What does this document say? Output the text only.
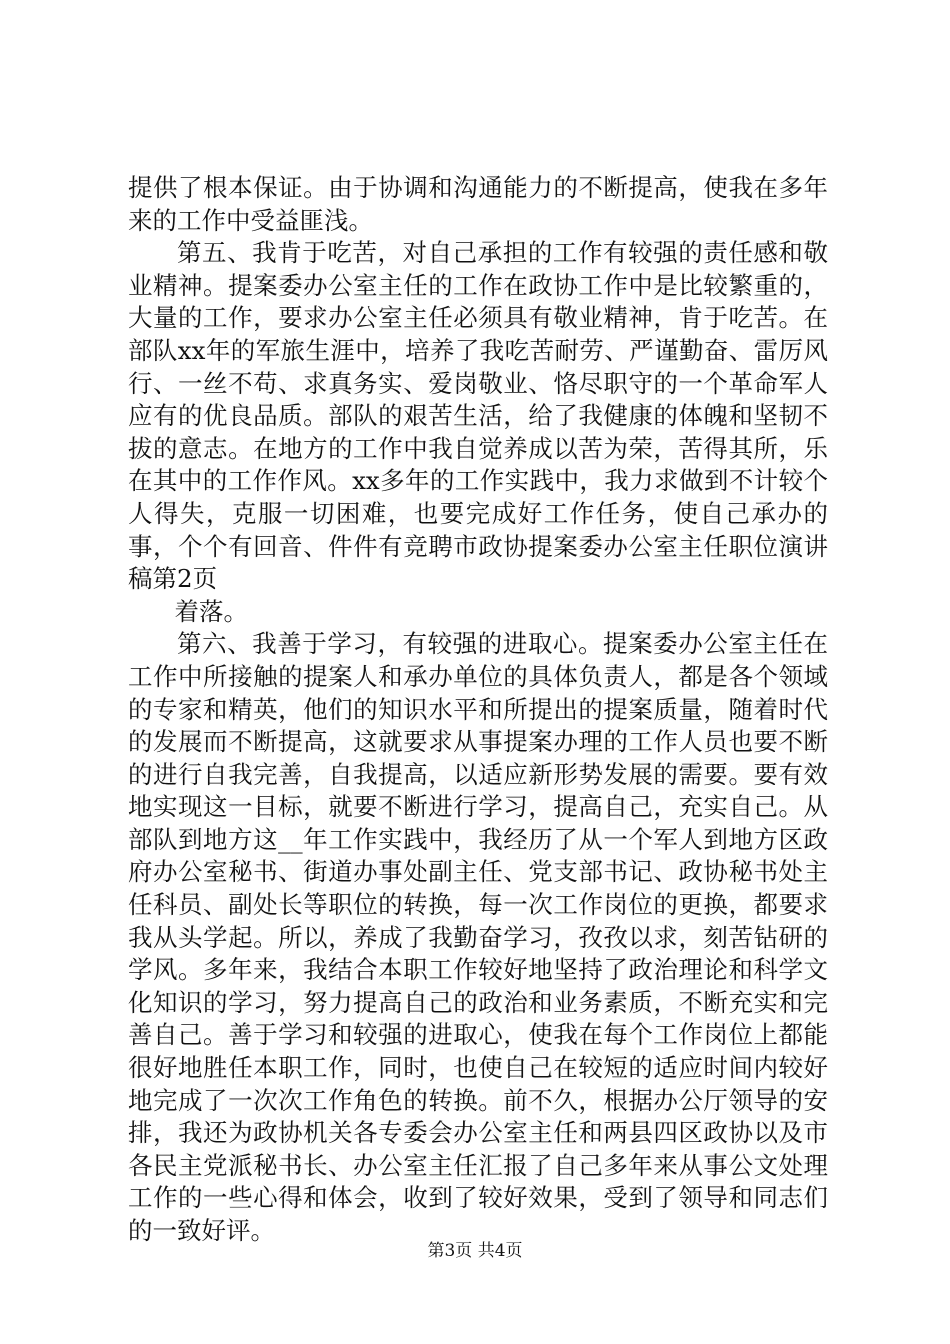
提供了根本保证。由于协调和沟通能力的不断提高，使我在多年来的工作中受益匪浅。

第五、我肯于吃苦，对自己承担的工作有较强的责任感和敬业精神。提案委办公室主任的工作在政协工作中是比较繁重的，大量的工作，要求办公室主任必须具有敬业精神，肯于吃苦。在部队xx年的军旅生涯中，培养了我吃苦耐劳、严谨勤奋、雷厉风行、一丝不苟、求真务实、爱岗敬业、恪尽职守的一个革命军人应有的优良品质。部队的艰苦生活，给了我健康的体魄和坚韧不拔的意志。在地方的工作中我自觉养成以苦为荣，苦得其所，乐在其中的工作作风。xx多年的工作实践中，我力求做到不计较个人得失，克服一切困难，也要完成好工作任务，使自己承办的事，个个有回音、件件有竞聘市政协提案委办公室主任职位演讲稿第2页

着落。

第六、我善于学习，有较强的进取心。提案委办公室主任在工作中所接触的提案人和承办单位的具体负责人，都是各个领域的专家和精英，他们的知识水平和所提出的提案质量，随着时代的发展而不断提高，这就要求从事提案办理的工作人员也要不断的进行自我完善，自我提高，以适应新形势发展的需要。要有效地实现这一目标，就要不断进行学习，提高自己，充实自己。从部队到地方这__年工作实践中，我经历了从一个军人到地方区政府办公室秘书、街道办事处副主任、党支部书记、政协秘书处主任科员、副处长等职位的转换，每一次工作岗位的更换，都要求我从头学起。所以，养成了我勤奋学习，孜孜以求，刻苦钻研的学风。多年来，我结合本职工作较好地坚持了政治理论和科学文化知识的学习，努力提高自己的政治和业务素质，不断充实和完善自己。善于学习和较强的进取心，使我在每个工作岗位上都能很好地胜任本职工作，同时，也使自己在较短的适应时间内较好地完成了一次次工作角色的转换。前不久，根据办公厅领导的安排，我还为政协机关各专委会办公室主任和两县四区政协以及市各民主党派秘书长、办公室主任汇报了自己多年来从事公文处理工作的一些心得和体会，收到了较好效果，受到了领导和同志们的一致好评。

第3页 共4页
